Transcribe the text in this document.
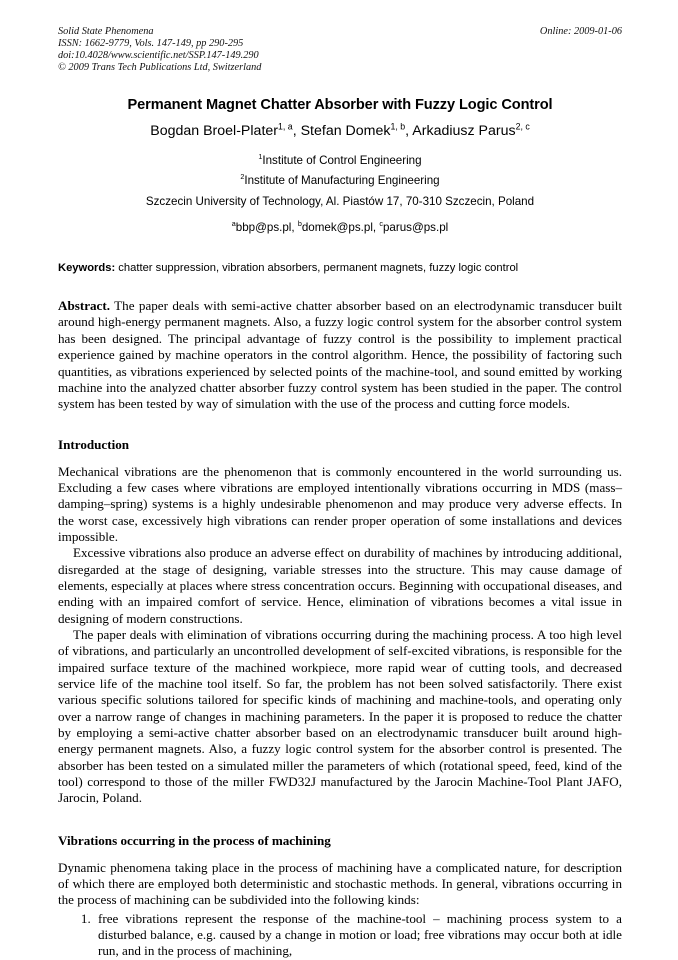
Solid State Phenomena
ISSN: 1662-9779, Vols. 147-149, pp 290-295
doi:10.4028/www.scientific.net/SSP.147-149.290
© 2009 Trans Tech Publications Ltd, Switzerland
Online: 2009-01-06
Permanent Magnet Chatter Absorber with Fuzzy Logic Control
Bogdan Broel-Plater$^{1, a}$, Stefan Domek$^{1, b}$, Arkadiusz Parus$^{2, c}$
$^1$Institute of Control Engineering
$^2$Institute of Manufacturing Engineering
Szczecin University of Technology, Al. Piastów 17, 70-310 Szczecin, Poland
$^a$bbp@ps.pl, $^b$domek@ps.pl, $^c$parus@ps.pl
Keywords: chatter suppression, vibration absorbers, permanent magnets, fuzzy logic control
Abstract. The paper deals with semi-active chatter absorber based on an electrodynamic transducer built around high-energy permanent magnets. Also, a fuzzy logic control system for the absorber control system has been designed. The principal advantage of fuzzy control is the possibility to implement practical experience gained by machine operators in the control algorithm. Hence, the possibility of factoring such quantities, as vibrations experienced by selected points of the machine-tool, and sound emitted by working machine into the analyzed chatter absorber fuzzy control system has been studied in the paper. The control system has been tested by way of simulation with the use of the process and cutting force models.
Introduction

Mechanical vibrations are the phenomenon that is commonly encountered in the world surrounding us. Excluding a few cases where vibrations are employed intentionally vibrations occurring in MDS (mass–damping–spring) systems is a highly undesirable phenomenon and may produce very adverse effects. In the worst case, excessively high vibrations can render proper operation of some installations and devices impossible.

Excessive vibrations also produce an adverse effect on durability of machines by introducing additional, disregarded at the stage of designing, variable stresses into the structure. This may cause damage of elements, especially at places where stress concentration occurs. Beginning with occupational diseases, and ending with an impaired comfort of service. Hence, elimination of vibrations becomes a vital issue in designing of modern constructions.

The paper deals with elimination of vibrations occurring during the machining process. A too high level of vibrations, and particularly an uncontrolled development of self-excited vibrations, is responsible for the impaired surface texture of the machined workpiece, more rapid wear of cutting tools, and decreased service life of the machine tool itself. So far, the problem has not been solved satisfactorily. There exist various specific solutions tailored for specific kinds of machining and machine-tools, and operating only over a narrow range of changes in machining parameters. In the paper it is proposed to reduce the chatter by employing a semi-active chatter absorber based on an electrodynamic transducer built around high-energy permanent magnets. Also, a fuzzy logic control system for the absorber control is presented. The absorber has been tested on a simulated miller the parameters of which (rotational speed, feed, kind of the tool) correspond to those of the miller FWD32J manufactured by the Jarocin Machine-Tool Plant JAFO, Jarocin, Poland.

Vibrations occurring in the process of machining

Dynamic phenomena taking place in the process of machining have a complicated nature, for description of which there are employed both deterministic and stochastic methods. In general, vibrations occurring in the process of machining can be subdivided into the following kinds:

1. free vibrations represent the response of the machine-tool – machining process system to a disturbed balance, e.g. caused by a change in motion or load; free vibrations may occur both at idle run, and in the process of machining,
